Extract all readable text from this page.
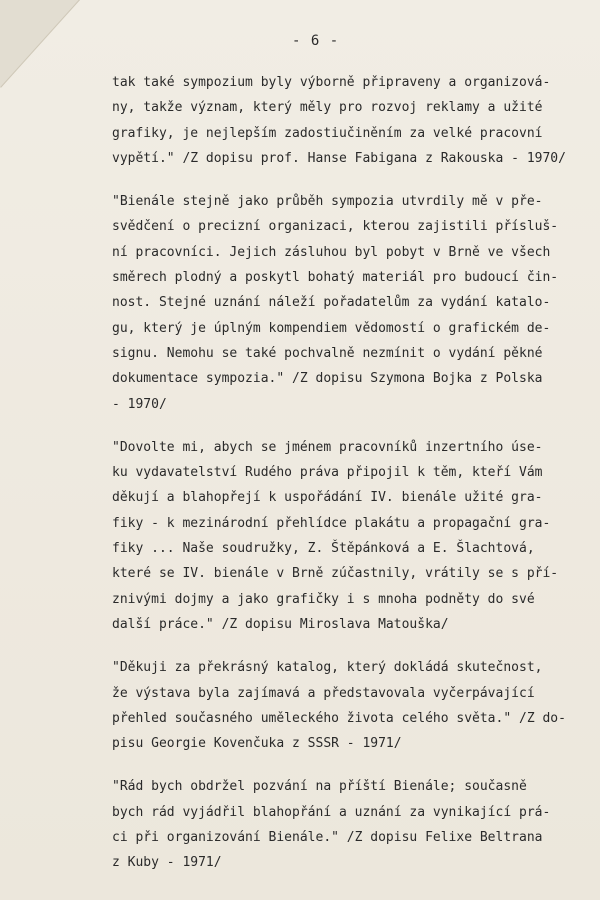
- 6 -
tak také sympozium byly výborně připraveny a organizová-
ny, takže význam, který měly pro rozvoj reklamy a užité
grafiky, je nejlepším zadostiučiněním za velké pracovní
vypětí." /Z dopisu prof. Hanse Fabigana z Rakouska - 1970/
"Bienále stejně jako průběh sympozia utvrdily mě v pře-
svědčení o precizní organizaci, kterou zajistili přísluš-
ní pracovníci. Jejich zásluhou byl pobyt v Brně ve všech
směrech plodný a poskytl bohatý materiál pro budoucí čin-
nost. Stejné uznání náleží pořadatelům za vydání katalo-
gu, který je úplným kompendiem vědomostí o grafickém de-
signu. Nemohu se také pochvalně nezmínit o vydání pěkné
dokumentace sympozia." /Z dopisu Szymona Bojka z Polska
- 1970/
"Dovolte mi, abych se jménem pracovníků inzertního úse-
ku vydavatelství Rudého práva připojil k těm, kteří Vám
děkují a blahopřejí k uspořádání IV. bienále užité gra-
fiky - k mezinárodní přehlídce plakátu a propagační gra-
fiky ... Naše soudružky, Z. Štěpánková a E. Šlachtová,
které se IV. bienále v Brně zúčastnily, vrátily se s pří-
znivými dojmy a jako grafičky i s mnoha podněty do své
další práce." /Z dopisu Miroslava Matouška/
"Děkuji za překrásný katalog, který dokládá skutečnost,
že výstava byla zajímavá a představovala vyčerpávající
přehled současného uměleckého života celého světa." /Z do-
pisu Georgie Kovenčuka z SSSR - 1971/
"Rád bych obdržel pozvání na příští Bienále; současně
bych rád vyjádřil blahopřání a uznání za vynikající prá-
ci při organizování Bienále." /Z dopisu Felixe Beltrana
z Kuby - 1971/
